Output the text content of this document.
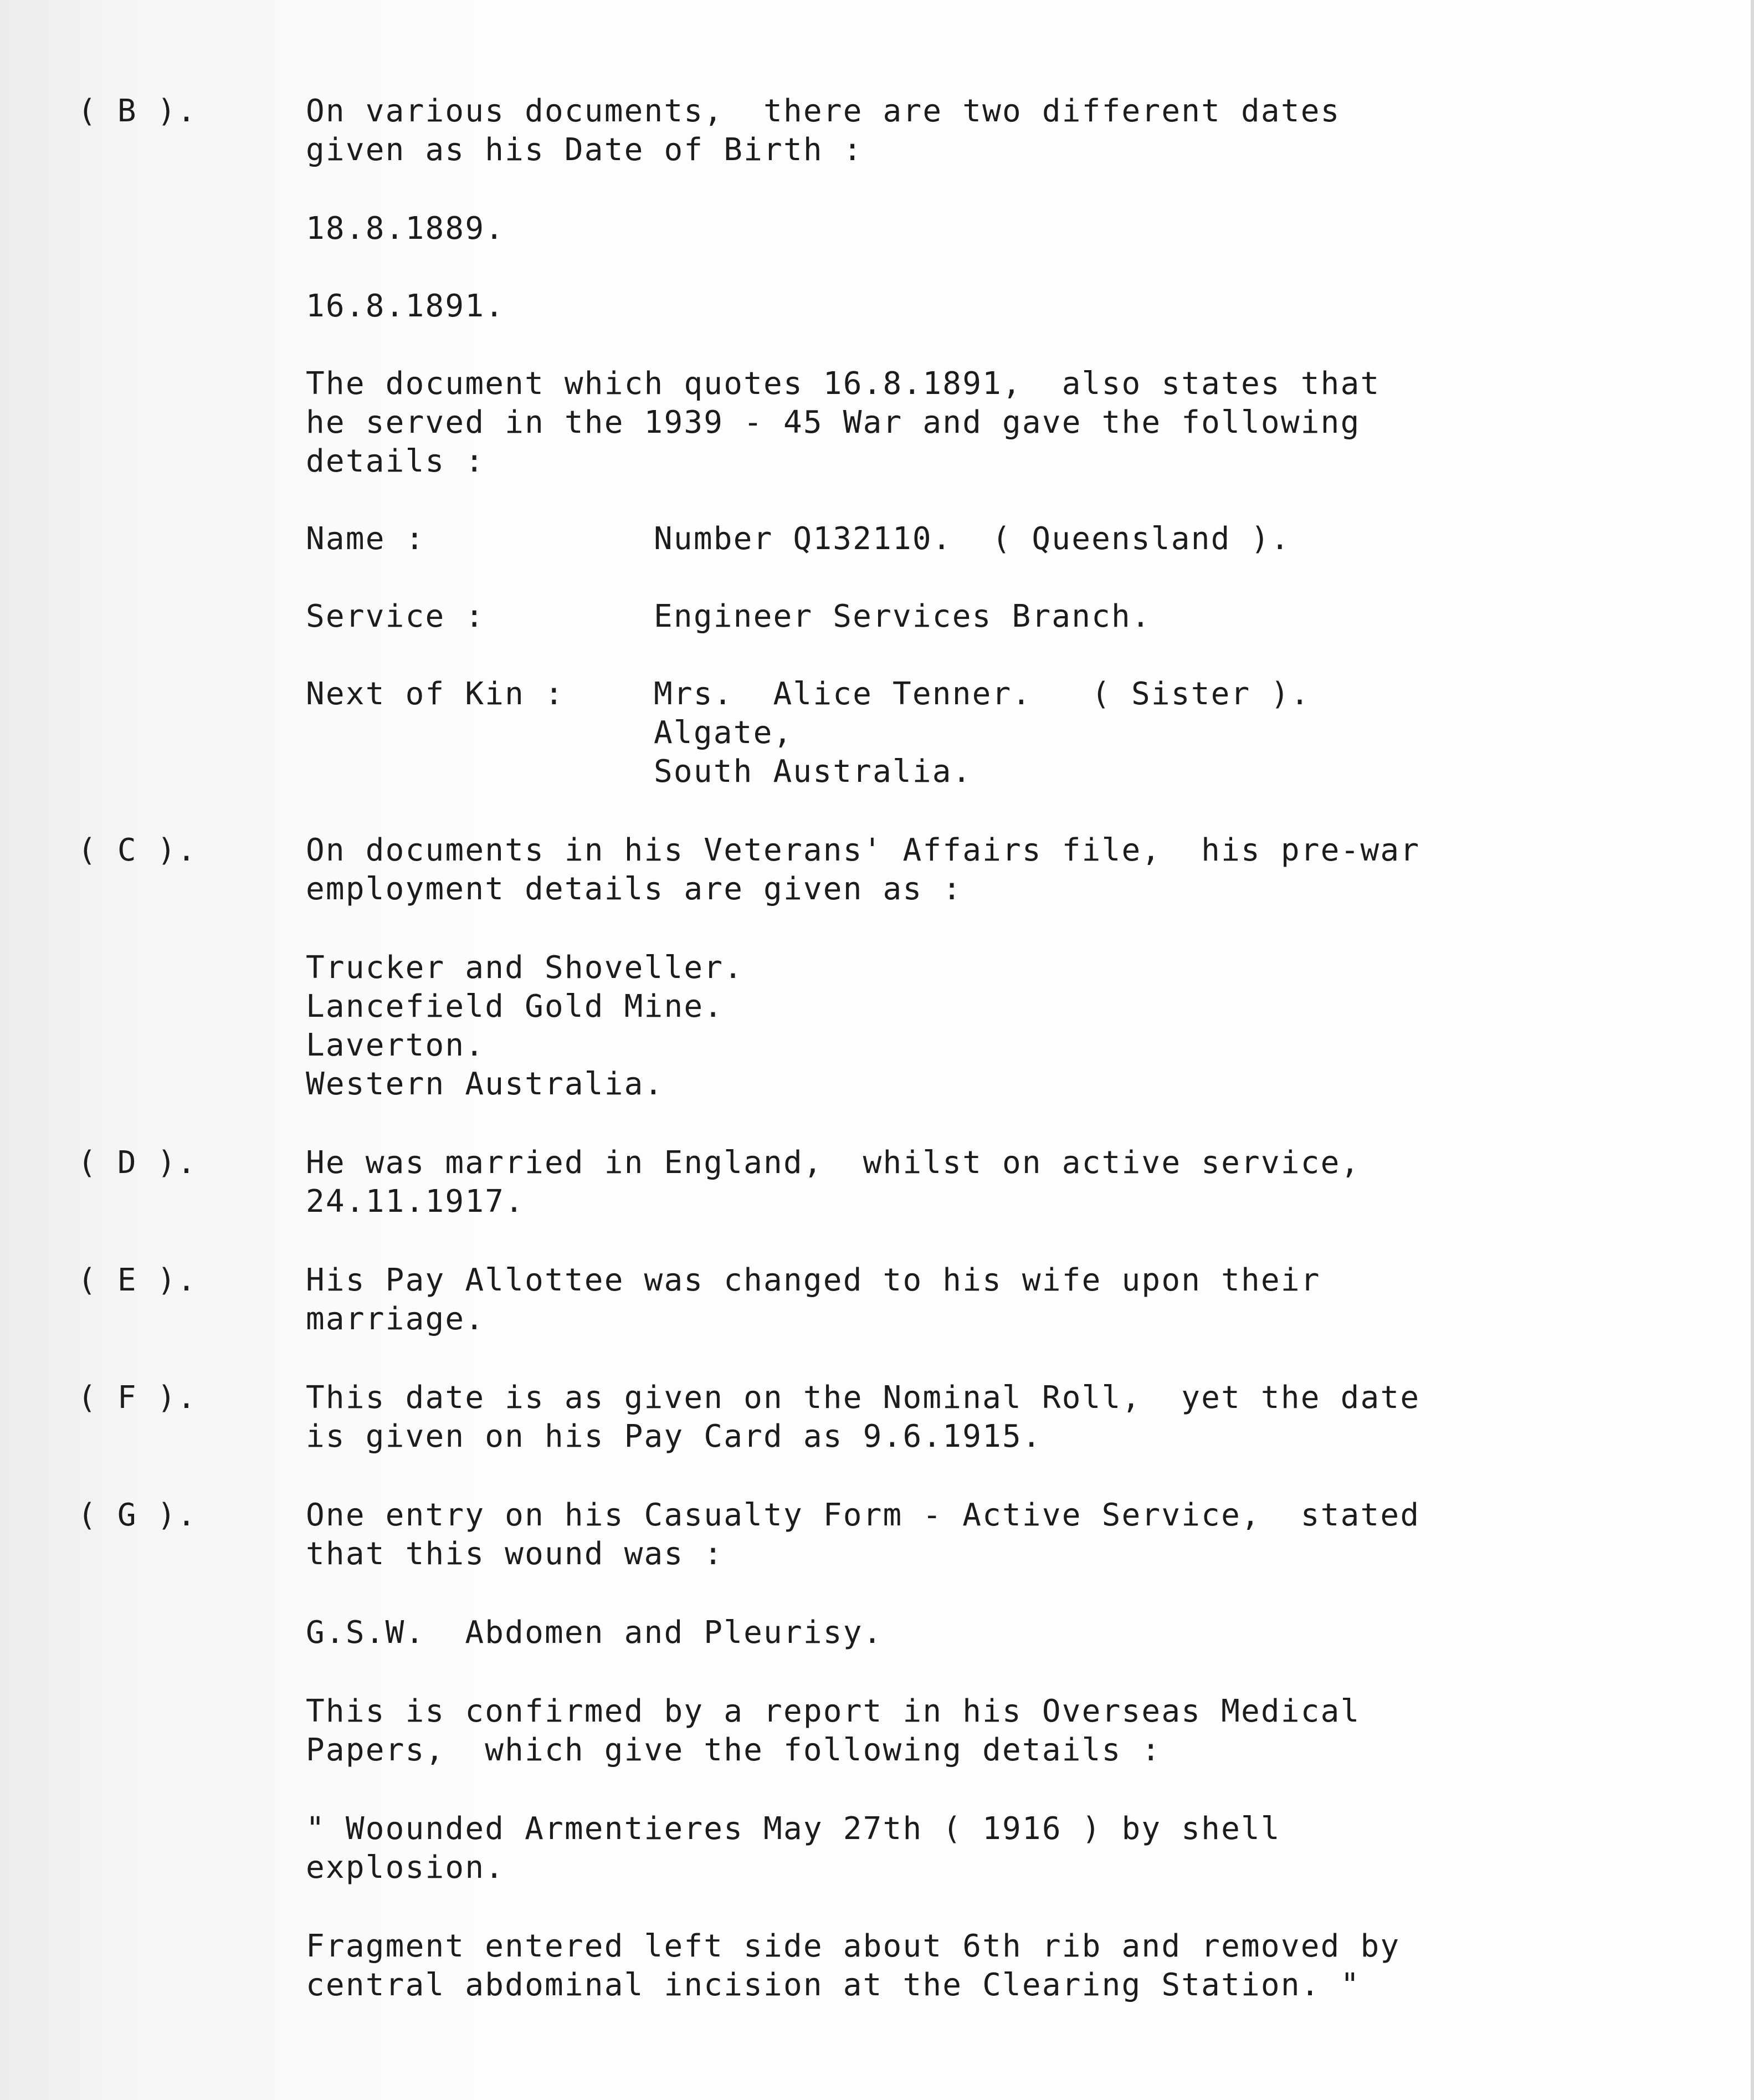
( B ).	On various documents,  there are two different dates
given as his Date of Birth :
18.8.1889.
16.8.1891.
The document which quotes 16.8.1891,  also states that
he served in the 1939 - 45 War and gave the following
details :
Name :	Number Q132110.  ( Queensland ).
Service :	Engineer Services Branch.
Next of Kin :	Mrs.  Alice Tenner.   ( Sister ).
Algate,
South Australia.
( C ).	On documents in his Veterans' Affairs file,  his pre-war
employment details are given as :
Trucker and Shoveller.
Lancefield Gold Mine.
Laverton.
Western Australia.
( D ).	He was married in England,  whilst on active service,
24.11.1917.
( E ).	His Pay Allottee was changed to his wife upon their
marriage.
( F ).	This date is as given on the Nominal Roll,  yet the date
is given on his Pay Card as 9.6.1915.
( G ).	One entry on his Casualty Form - Active Service,  stated
that this wound was :
G.S.W.  Abdomen and Pleurisy.
This is confirmed by a report in his Overseas Medical
Papers,  which give the following details :
" Woounded Armentieres May 27th ( 1916 ) by shell
explosion.
Fragment entered left side about 6th rib and removed by
central abdominal incision at the Clearing Station. "
